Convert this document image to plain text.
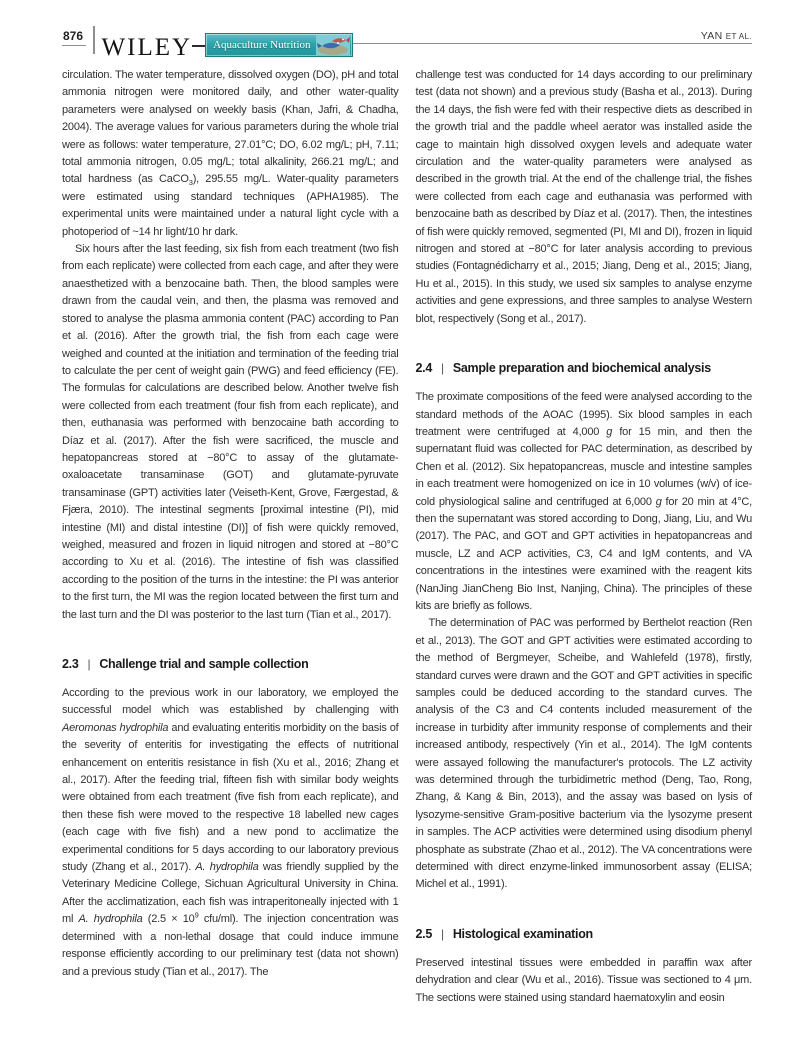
876 WILEY Aquaculture Nutrition
YAN ET AL.

circulation. The water temperature, dissolved oxygen (DO), pH and total ammonia nitrogen were monitored daily, and other water-quality parameters were analysed on weekly basis (Khan, Jafri, & Chadha, 2004). The average values for various parameters during the whole trial were as follows: water temperature, 27.01°C; DO, 6.02 mg/L; pH, 7.11; total ammonia nitrogen, 0.05 mg/L; total alkalinity, 266.21 mg/L; and total hardness (as CaCO$_3$), 295.55 mg/L. Water-quality parameters were estimated using standard techniques (APHA1985). The experimental units were maintained under a natural light cycle with a photoperiod of ~14 hr light/10 hr dark.

Six hours after the last feeding, six fish from each treatment (two fish from each replicate) were collected from each cage, and after they were anaesthetized with a benzocaine bath. Then, the blood samples were drawn from the caudal vein, and then, the plasma was removed and stored to analyse the plasma ammonia content (PAC) according to Pan et al. (2016). After the growth trial, the fish from each cage were weighed and counted at the initiation and termination of the feeding trial to calculate the per cent of weight gain (PWG) and feed efficiency (FE). The formulas for calculations are described below. Another twelve fish were collected from each treatment (four fish from each replicate), and then, euthanasia was performed with benzocaine bath according to Díaz et al. (2017). After the fish were sacrificed, the muscle and hepatopancreas stored at −80°C to assay of the glutamate-oxaloacetate transaminase (GOT) and glutamate-pyruvate transaminase (GPT) activities later (Veiseth-Kent, Grove, Færgestad, & Fjæra, 2010). The intestinal segments [proximal intestine (PI), mid intestine (MI) and distal intestine (DI)] of fish were quickly removed, weighed, measured and frozen in liquid nitrogen and stored at −80°C according to Xu et al. (2016). The intestine of fish was classified according to the position of the turns in the intestine: the PI was anterior to the first turn, the MI was the region located between the first turn and the last turn and the DI was posterior to the last turn (Tian et al., 2017).

2.3 | Challenge trial and sample collection

According to the previous work in our laboratory, we employed the successful model which was established by challenging with Aeromonas hydrophila and evaluating enteritis morbidity on the basis of the severity of enteritis for investigating the effects of nutritional enhancement on enteritis resistance in fish (Xu et al., 2016; Zhang et al., 2017). After the feeding trial, fifteen fish with similar body weights were obtained from each treatment (five fish from each replicate), and then these fish were moved to the respective 18 labelled new cages (each cage with five fish) and a new pond to acclimatize the experimental conditions for 5 days according to our laboratory previous study (Zhang et al., 2017). A. hydrophila was friendly supplied by the Veterinary Medicine College, Sichuan Agricultural University in China. After the acclimatization, each fish was intraperitoneally injected with 1 ml A. hydrophila ($2.5 \times 10^9$ cfu/ml). The injection concentration was determined with a non-lethal dosage that could induce immune response efficiently according to our preliminary test (data not shown) and a previous study (Tian et al., 2017). The

challenge test was conducted for 14 days according to our preliminary test (data not shown) and a previous study (Basha et al., 2013). During the 14 days, the fish were fed with their respective diets as described in the growth trial and the paddle wheel aerator was installed aside the cage to maintain high dissolved oxygen levels and adequate water circulation and the water-quality parameters were analysed as described in the growth trial. At the end of the challenge trial, the fishes were collected from each cage and euthanasia was performed with benzocaine bath as described by Díaz et al. (2017). Then, the intestines of fish were quickly removed, segmented (PI, MI and DI), frozen in liquid nitrogen and stored at −80°C for later analysis according to previous studies (Fontagnédicharry et al., 2015; Jiang, Deng et al., 2015; Jiang, Hu et al., 2015). In this study, we used six samples to analyse enzyme activities and gene expressions, and three samples to analyse Western blot, respectively (Song et al., 2017).

2.4 | Sample preparation and biochemical analysis

The proximate compositions of the feed were analysed according to the standard methods of the AOAC (1995). Six blood samples in each treatment were centrifuged at 4,000 g for 15 min, and then the supernatant fluid was collected for PAC determination, as described by Chen et al. (2012). Six hepatopancreas, muscle and intestine samples in each treatment were homogenized on ice in 10 volumes (w/v) of ice-cold physiological saline and centrifuged at 6,000 g for 20 min at 4°C, then the supernatant was stored according to Dong, Jiang, Liu, and Wu (2017). The PAC, and GOT and GPT activities in hepatopancreas and muscle, LZ and ACP activities, C3, C4 and IgM contents, and VA concentrations in the intestines were examined with the reagent kits (NanJing JianCheng Bio Inst, Nanjing, China). The principles of these kits are briefly as follows.

The determination of PAC was performed by Berthelot reaction (Ren et al., 2013). The GOT and GPT activities were estimated according to the method of Bergmeyer, Scheibe, and Wahlefeld (1978), firstly, standard curves were drawn and the GOT and GPT activities in specific samples could be deduced according to the standard curves. The analysis of the C3 and C4 contents included measurement of the increase in turbidity after immunity response of complements and their increased antibody, respectively (Yin et al., 2014). The IgM contents were assayed following the manufacturer's protocols. The LZ activity was determined through the turbidimetric method (Deng, Tao, Rong, Zhang, & Kang & Bin, 2013), and the assay was based on lysis of lysozyme-sensitive Gram-positive bacterium via the lysozyme present in samples. The ACP activities were determined using disodium phenyl phosphate as substrate (Zhao et al., 2012). The VA concentrations were determined with direct enzyme-linked immunosorbent assay (ELISA; Michel et al., 1991).

2.5 | Histological examination

Preserved intestinal tissues were embedded in paraffin wax after dehydration and clear (Wu et al., 2016). Tissue was sectioned to 4 μm. The sections were stained using standard haematoxylin and eosin
